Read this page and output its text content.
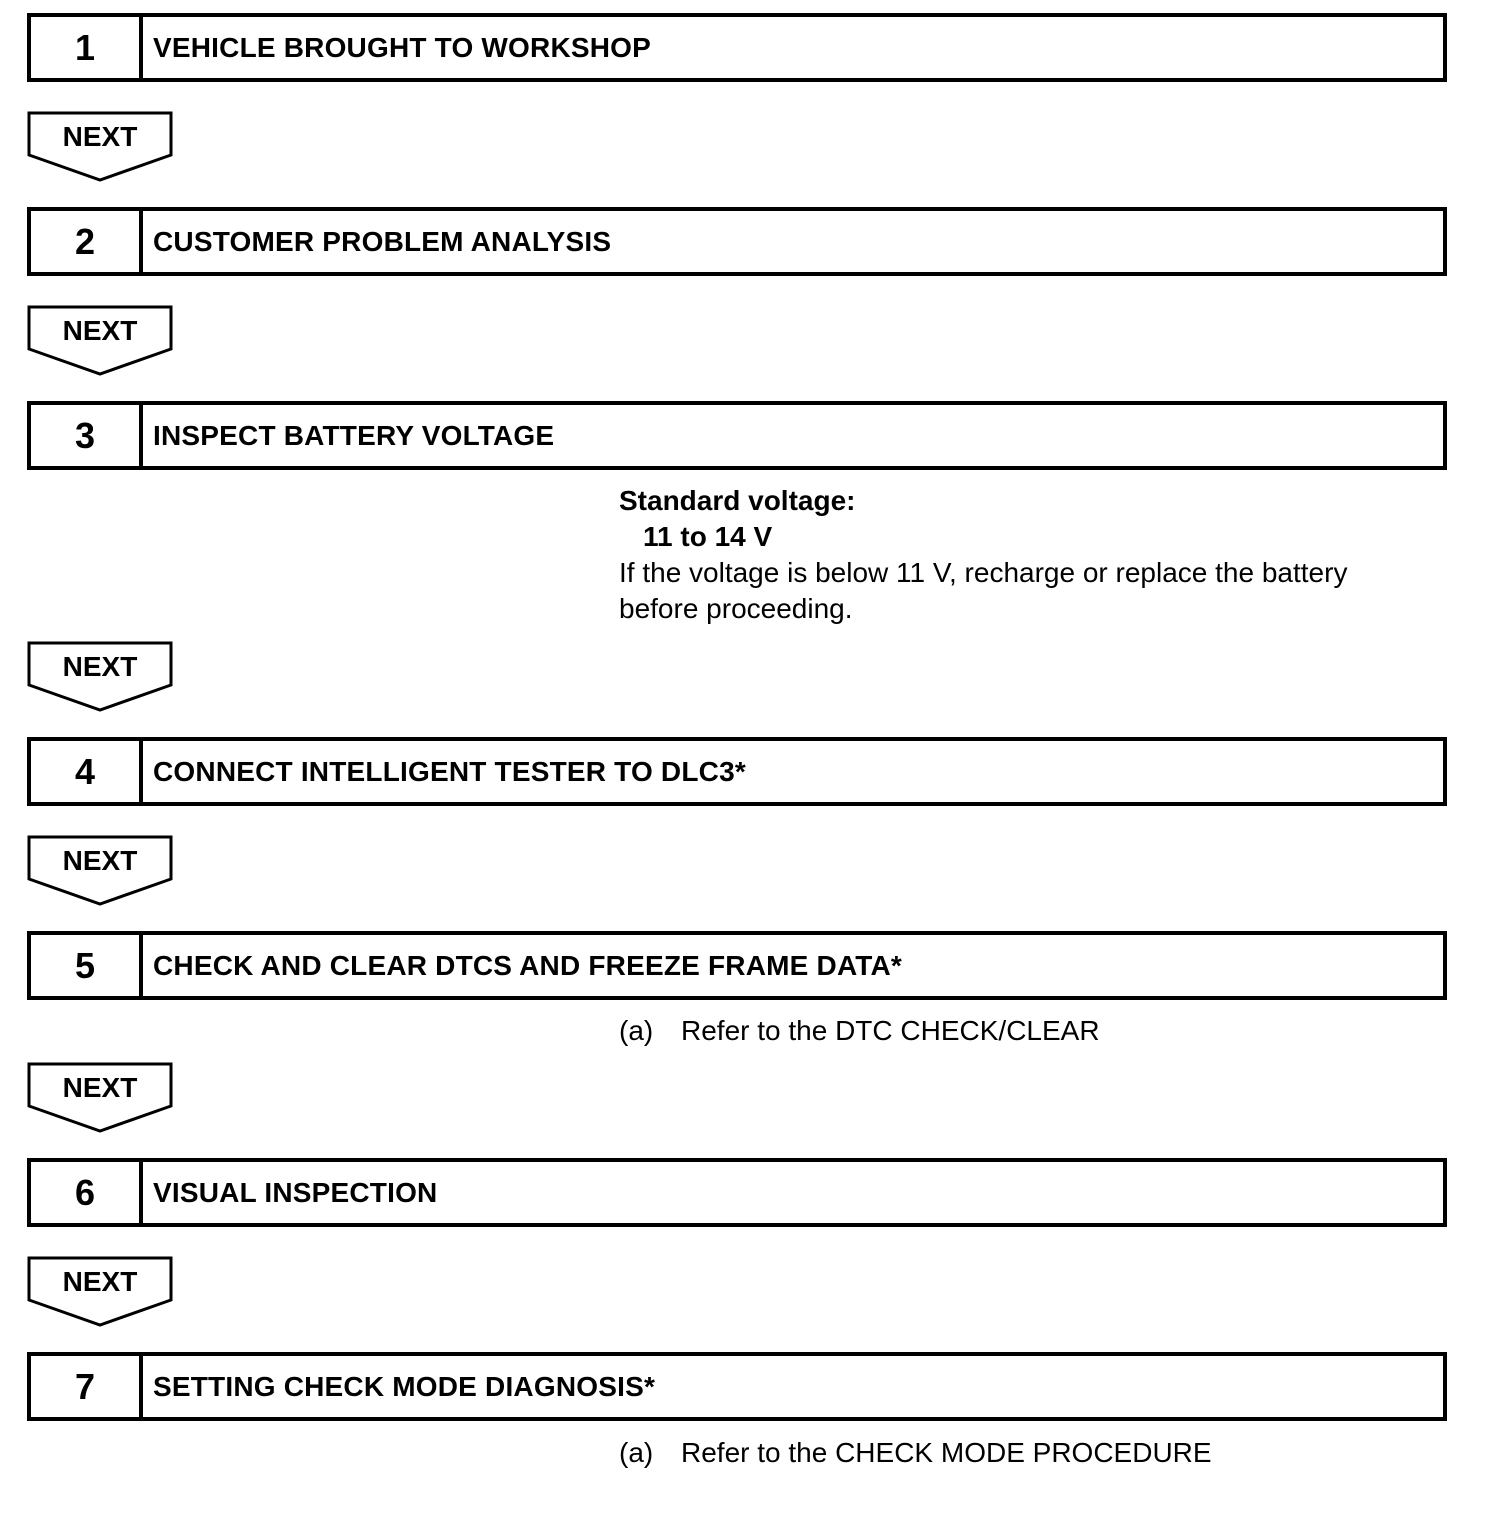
1	VEHICLE BROUGHT TO WORKSHOP
NEXT
2	CUSTOMER PROBLEM ANALYSIS
NEXT
3	INSPECT BATTERY VOLTAGE
Standard voltage:
11 to 14 V
If the voltage is below 11 V, recharge or replace the battery
before proceeding.
NEXT
4	CONNECT INTELLIGENT TESTER TO DLC3*
NEXT
5	CHECK AND CLEAR DTCS AND FREEZE FRAME DATA*
(a) Refer to the DTC CHECK/CLEAR
NEXT
6	VISUAL INSPECTION
NEXT
7	SETTING CHECK MODE DIAGNOSIS*
(a) Refer to the CHECK MODE PROCEDURE
